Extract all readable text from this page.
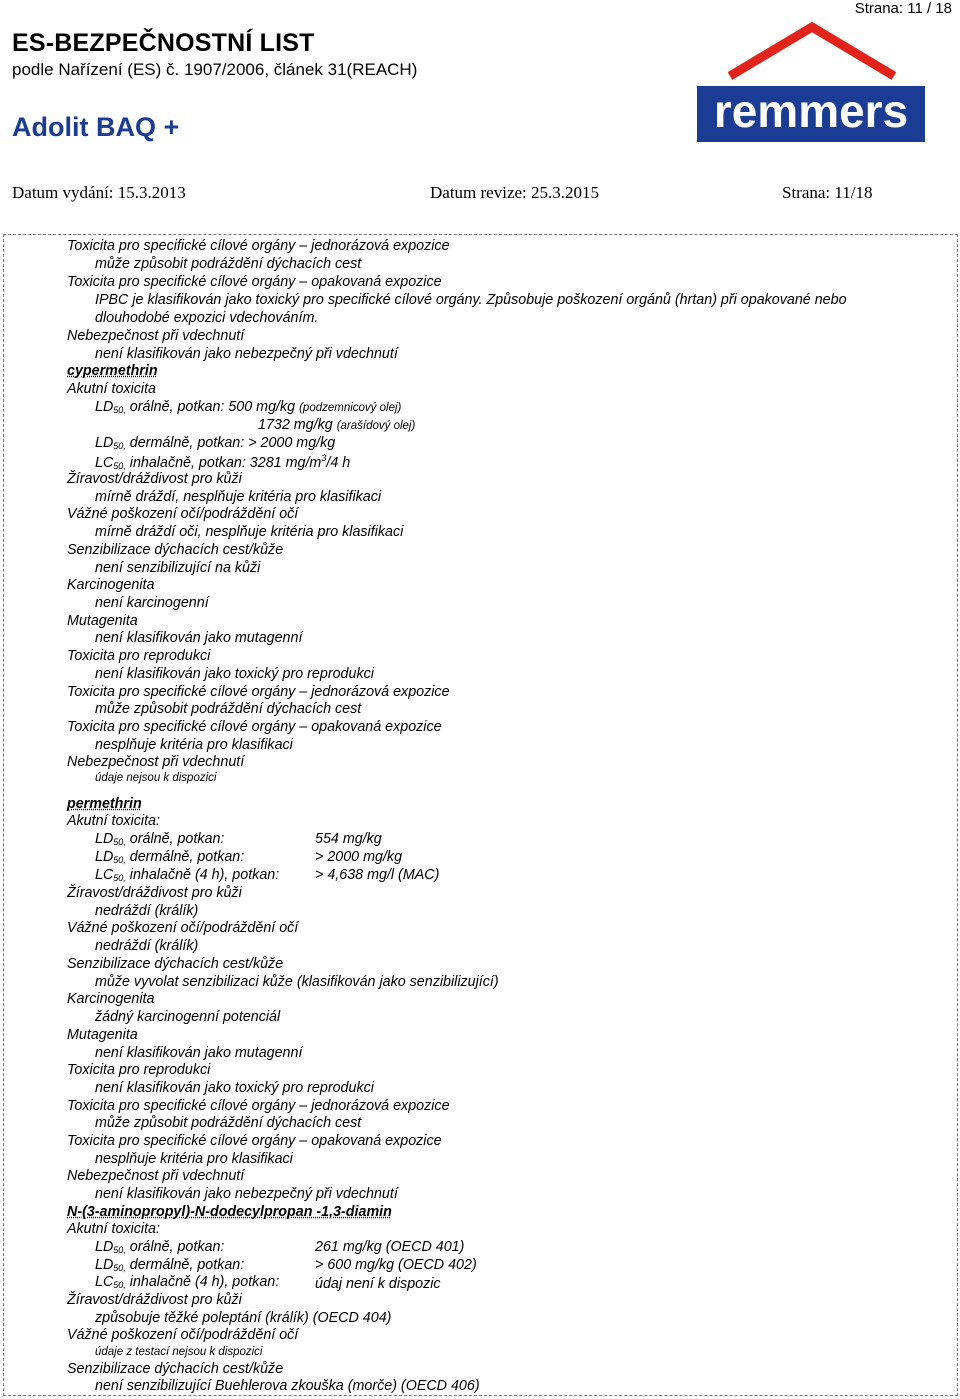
Strana: 11 / 18
ES-BEZPEČNOSTNÍ LIST
podle Nařízení (ES) č. 1907/2006, článek 31(REACH)
Adolit BAQ +	remmers
Datum vydání: 15.3.2013	Datum revize: 25.3.2015	Strana: 11/18
Toxicita pro specifické cílové orgány – jednorázová expozice
může způsobit podráždění dýchacích cest
Toxicita pro specifické cílové orgány – opakovaná expozice
IPBC je klasifikován jako toxický pro specifické cílové orgány. Způsobuje poškození orgánů (hrtan) při opakované nebo
dlouhodobé expozici vdechováním.
Nebezpečnost při vdechnutí
není klasifikován jako nebezpečný při vdechnutí
cypermethrin
Akutní toxicita
$LD_{50,}$ orálně, potkan: 500 mg/kg (podzemnicový olej)
1732 mg/kg (arašídový olej)
$LD_{50,}$ dermálně, potkan: > 2000 mg/kg
$LC_{50,}$ inhalačně, potkan: 3281 $mg/m^3/4$ h
Žíravost/dráždivost pro kůži
mírně dráždí, nesplňuje kritéria pro klasifikaci
Vážné poškození očí/podráždění očí
mírně dráždí oči, nesplňuje kritéria pro klasifikaci
Senzibilizace dýchacích cest/kůže
není senzibilizující na kůži
Karcinogenita
není karcinogenní
Mutagenita
není klasifikován jako mutagenní
Toxicita pro reprodukci
není klasifikován jako toxický pro reprodukci
Toxicita pro specifické cílové orgány – jednorázová expozice
může způsobit podráždění dýchacích cest
Toxicita pro specifické cílové orgány – opakovaná expozice
nesplňuje kritéria pro klasifikaci
Nebezpečnost při vdechnutí
údaje nejsou k dispozici
permethrin
Akutní toxicita:
$LD_{50,}$ orálně, potkan:	554 mg/kg
$LD_{50,}$ dermálně, potkan:	> 2000 mg/kg
$LC_{50,}$ inhalačně (4 h), potkan:	> 4,638 mg/l (MAC)
Žíravost/dráždivost pro kůži
nedráždí (králík)
Vážné poškození očí/podráždění očí
nedráždí (králík)
Senzibilizace dýchacích cest/kůže
může vyvolat senzibilizaci kůže (klasifikován jako senzibilizující)
Karcinogenita
žádný karcinogenní potenciál
Mutagenita
není klasifikován jako mutagenní
Toxicita pro reprodukci
není klasifikován jako toxický pro reprodukci
Toxicita pro specifické cílové orgány – jednorázová expozice
může způsobit podráždění dýchacích cest
Toxicita pro specifické cílové orgány – opakovaná expozice
nesplňuje kritéria pro klasifikaci
Nebezpečnost při vdechnutí
není klasifikován jako nebezpečný při vdechnutí
N-(3-aminopropyl)-N-dodecylpropan -1,3-diamin
Akutní toxicita:
$LD_{50,}$ orálně, potkan:	261 mg/kg (OECD 401)
$LD_{50,}$ dermálně, potkan:	> 600 mg/kg (OECD 402)
$LC_{50,}$ inhalačně (4 h), potkan:	údaj není k dispozic
Žíravost/dráždivost pro kůži
způsobuje těžké poleptání (králík) (OECD 404)
Vážné poškození očí/podráždění očí
údaje z testací nejsou k dispozici
Senzibilizace dýchacích cest/kůže
není senzibilizující Buehlerova zkouška (morče) (OECD 406)
